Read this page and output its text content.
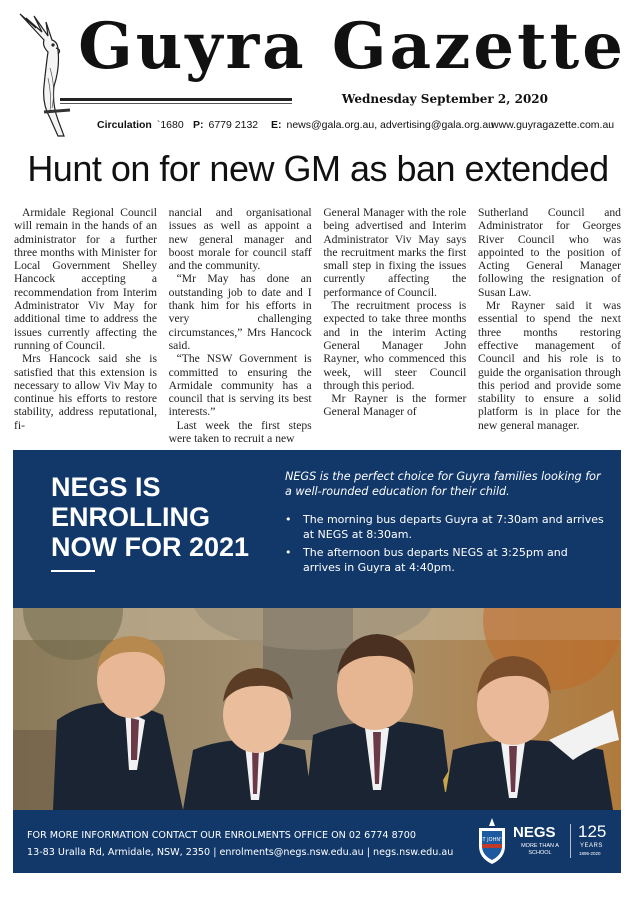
Guyra Gazette
Wednesday September 2, 2020
Circulation `1680 P: 6779 2132 E: news@gala.org.au, advertising@gala.org.au
www.guyragazette.com.au
Hunt on for new GM as ban extended

Armidale Regional Council will remain in the hands of an administrator for a further three months with Minister for Local Government Shelley Hancock accepting a recommendation from Interim Administrator Viv May for additional time to address the issues currently affecting the running of Council.

Mrs Hancock said she is satisfied that this extension is necessary to allow Viv May to continue his efforts to restore stability, address reputational, fi-

nancial and organisational issues as well as appoint a new general manager and boost morale for council staff and the community.

“Mr May has done an outstanding job to date and I thank him for his efforts in very challenging circumstances,” Mrs Hancock said.

“The NSW Government is committed to ensuring the Armidale community has a council that is serving its best interests.”

Last week the first steps were taken to recruit a new

General Manager with the role being advertised and Interim Administrator Viv May says the recruitment marks the first small step in fixing the issues currently affecting the performance of Council.

The recruitment process is expected to take three months and in the interim Acting General Manager John Rayner, who commenced this week, will steer Council through this period.

Mr Rayner is the former General Manager of

Sutherland Council and Administrator for Georges River Council who was appointed to the position of Acting General Manager following the resignation of Susan Law.

Mr Rayner said it was essential to spend the next three months restoring effective management of Council and his role is to guide the organisation through this period and provide some stability to ensure a solid platform is in place for the new general manager.

NEGS IS
ENROLLING
NOW FOR 2021
NEGS is the perfect choice for Guyra families looking for a well-rounded education for their child.
• The morning bus departs Guyra at 7:30am and arrives at NEGS at 8:30am.
• The afternoon bus departs NEGS at 3:25pm and arrives in Guyra at 4:40pm.
FOR MORE INFORMATION CONTACT OUR ENROLMENTS OFFICE ON 02 6774 8700
13-83 Uralla Rd, Armidale, NSW, 2350 | enrolments@negs.nsw.edu.au | negs.nsw.edu.au
ST JOHN'S NEGS
MORE THAN A SCHOOL
125
YEARS
1895-2020
